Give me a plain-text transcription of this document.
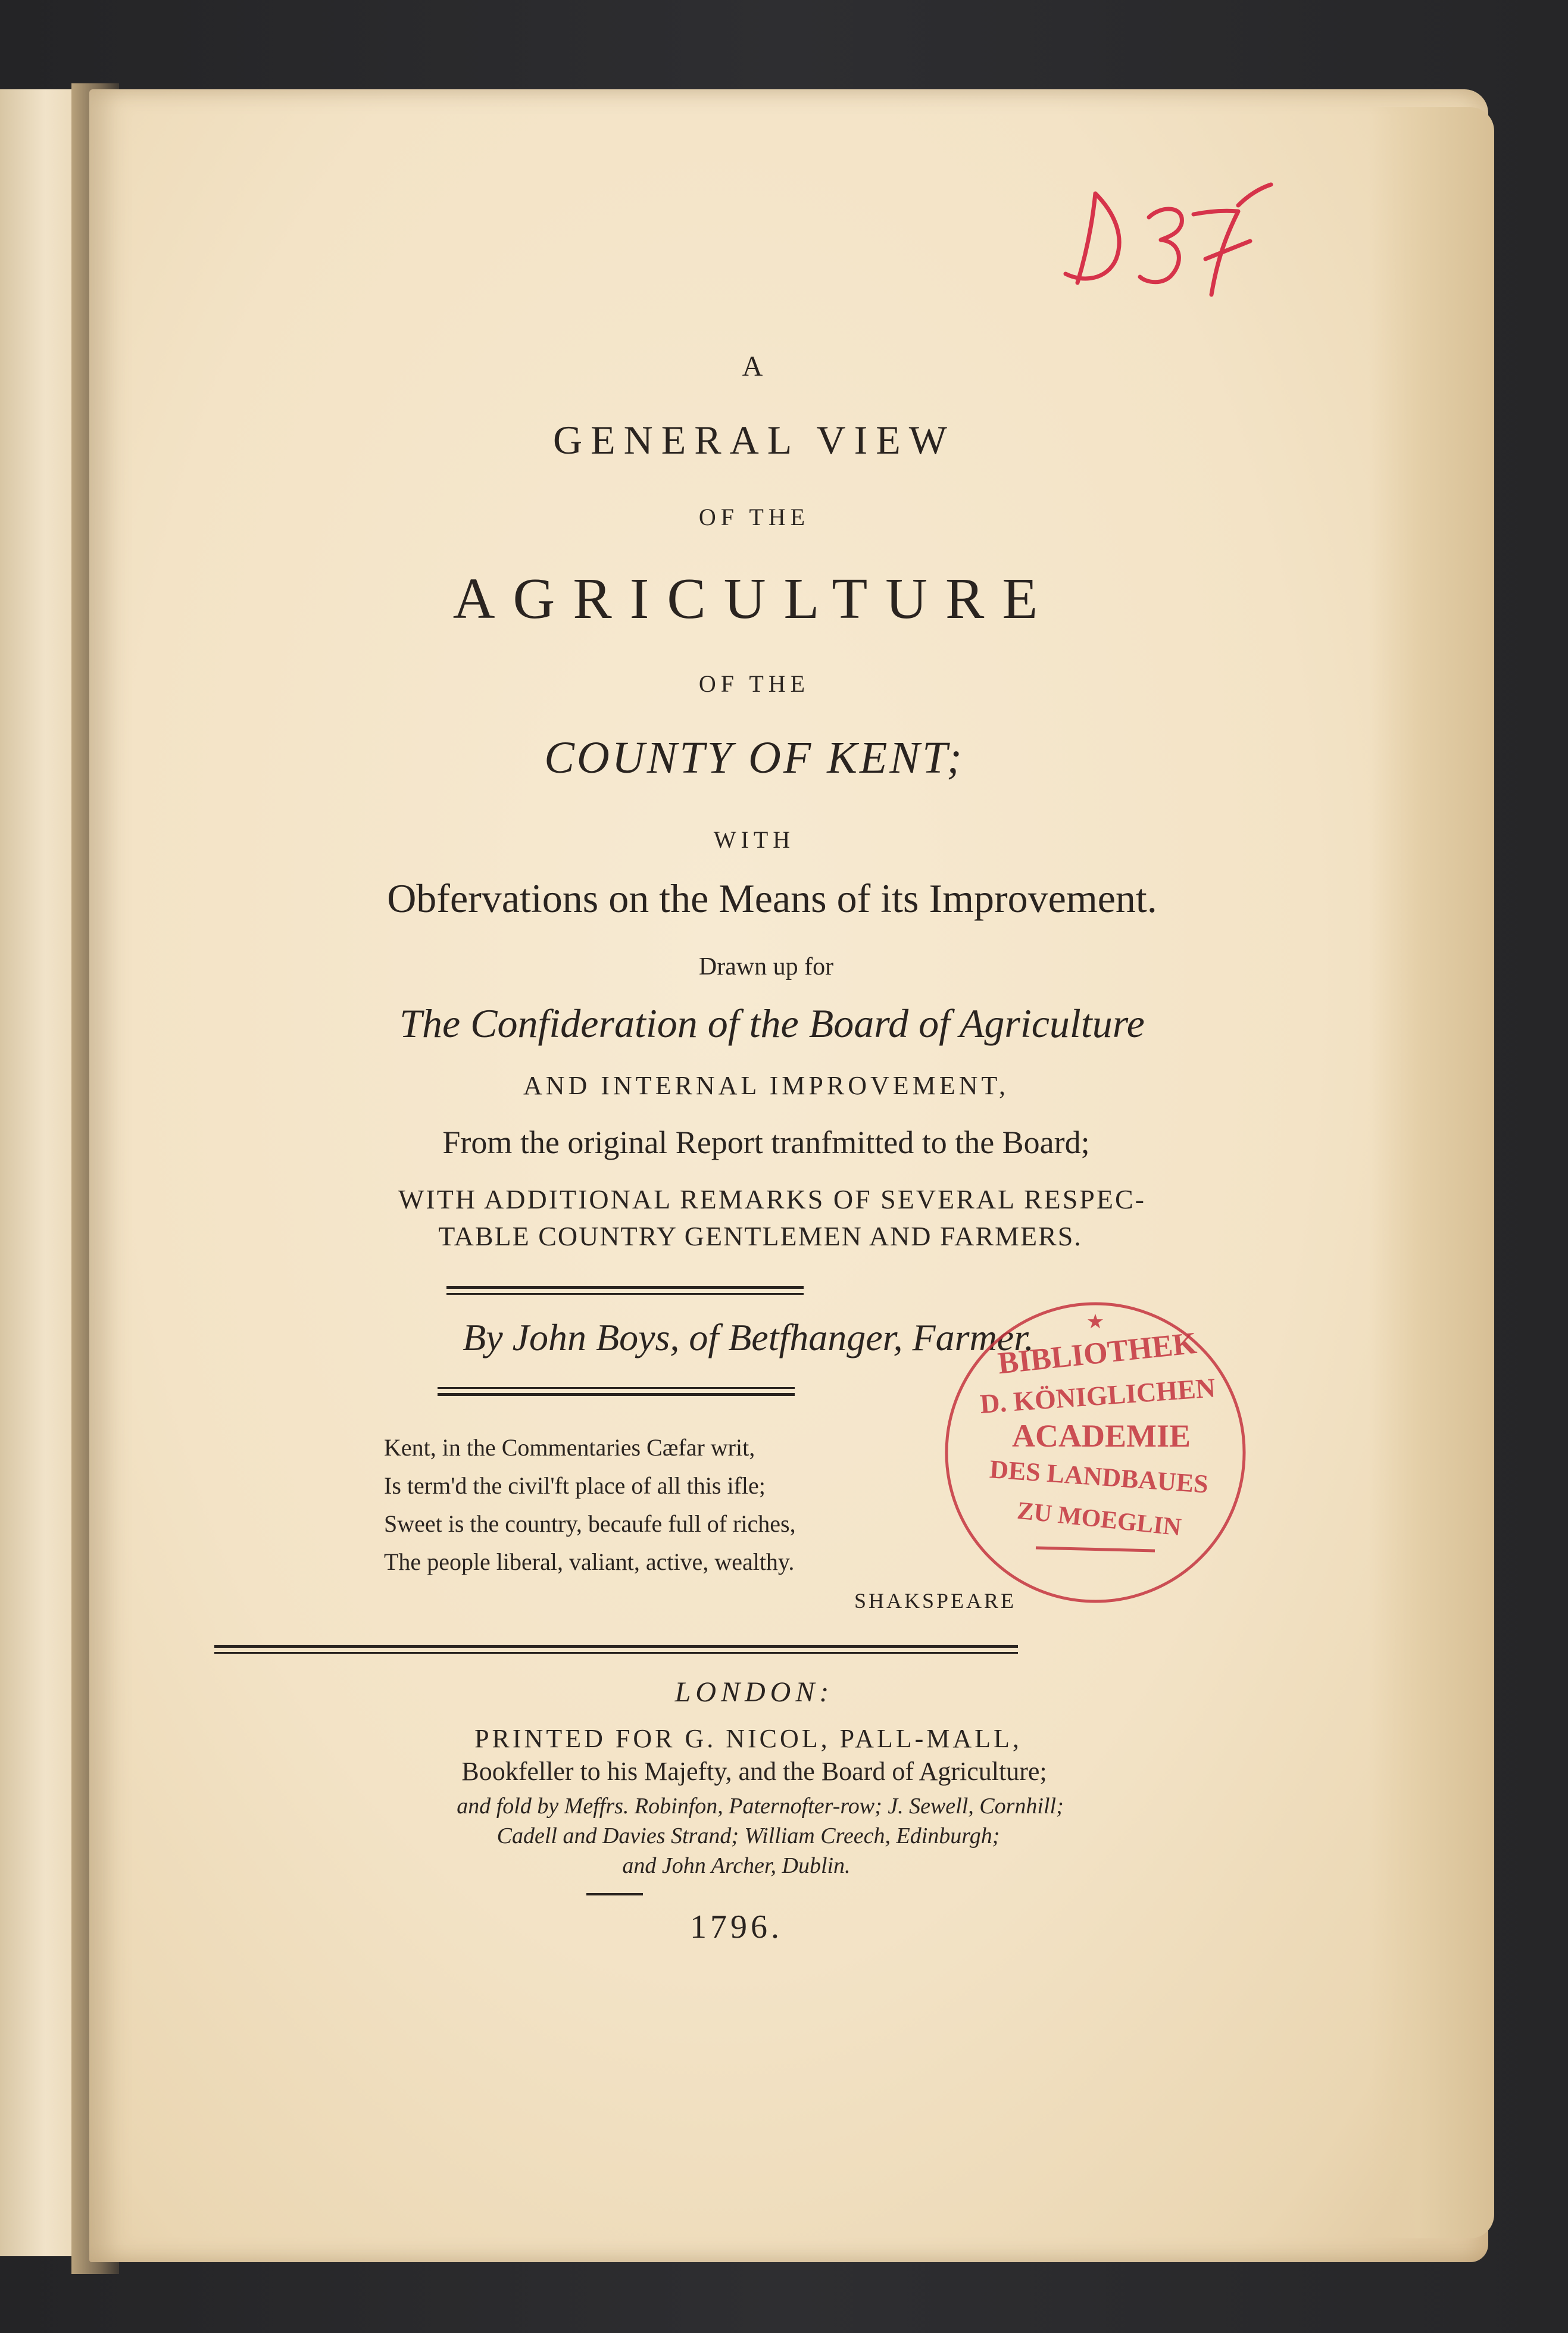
A
GENERAL VIEW
OF THE
AGRICULTURE
OF THE
COUNTY OF KENT;
WITH
Obfervations on the Means of its Improvement.
Drawn up for
The Confideration of the Board of Agriculture
AND INTERNAL IMPROVEMENT,
From the original Report tranfmitted to the Board;
WITH ADDITIONAL REMARKS OF SEVERAL RESPEC-
TABLE COUNTRY GENTLEMEN AND FARMERS.
By John Boys, of Betfhanger, Farmer.
Kent, in the Commentaries Cæfar writ,
Is term'd the civil'ft place of all this ifle;
Sweet is the country, becaufe full of riches,
The people liberal, valiant, active, wealthy.
SHAKSPEARE
LONDON:
PRINTED FOR G. NICOL, PALL-MALL,
Bookfeller to his Majefty, and the Board of Agriculture;
and fold by Meffrs. Robinfon, Paternofter-row; J. Sewell, Cornhill;
Cadell and Davies Strand; William Creech, Edinburgh;
and John Archer, Dublin.
1796.
★
BIBLIOTHEK
D. KÖNIGLICHEN
ACADEMIE
DES LANDBAUES
ZU MOEGLIN
